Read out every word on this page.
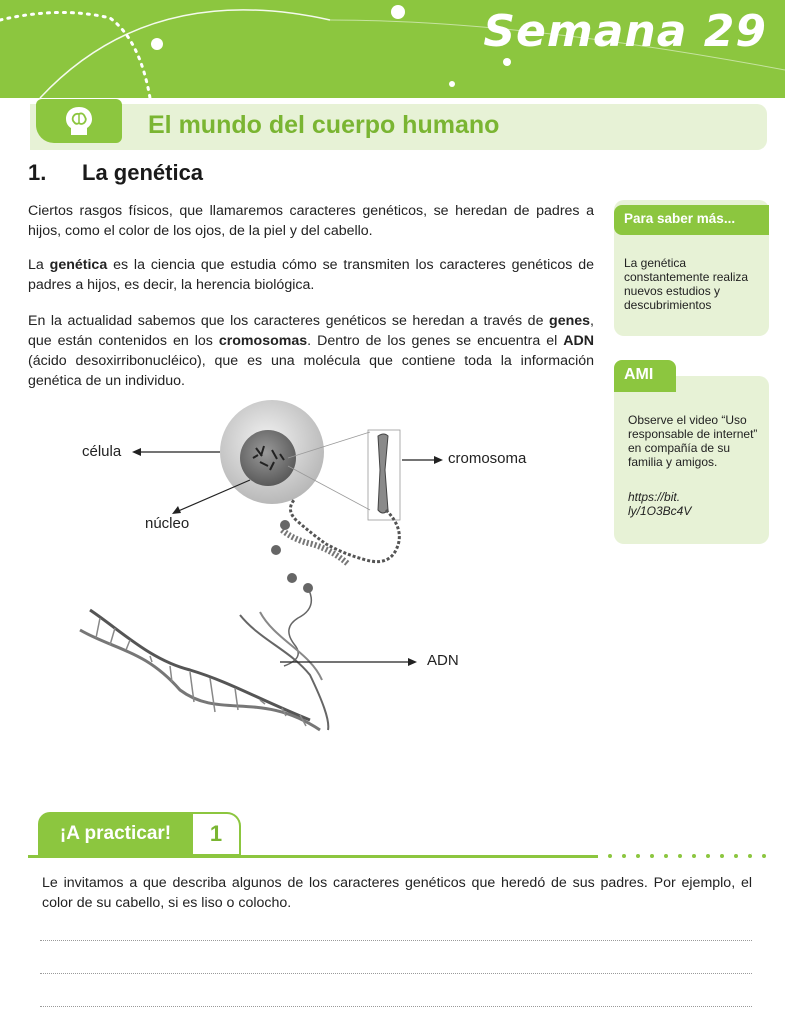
Semana 29
El mundo del cuerpo humano
1. La genética

Ciertos rasgos físicos, que llamaremos caracteres genéticos, se heredan de padres a hijos, como el color de los ojos, de la piel y del cabello.

La genética es la ciencia que estudia cómo se transmiten los caracteres genéticos de padres a hijos, es decir, la herencia biológica.

En la actualidad sabemos que los caracteres genéticos se heredan a través de genes, que están contenidos en los cromosomas. Dentro de los genes se encuentra el ADN (ácido desoxirribonucléico), que es una molécula que contiene toda la información genética de un individuo.

Para saber más...
La genética constantemente realiza nuevos estudios y descubrimientos
AMI
Observe el video “Uso responsable de internet” en compañía de su familia y amigos.
https://bit. ly/1O3Bc4V
célula
núcleo
cromosoma
ADN
¡A practicar!	1

Le invitamos a que describa algunos de los caracteres genéticos que heredó de sus padres. Por ejemplo, el color de su cabello, si es liso o colocho.
